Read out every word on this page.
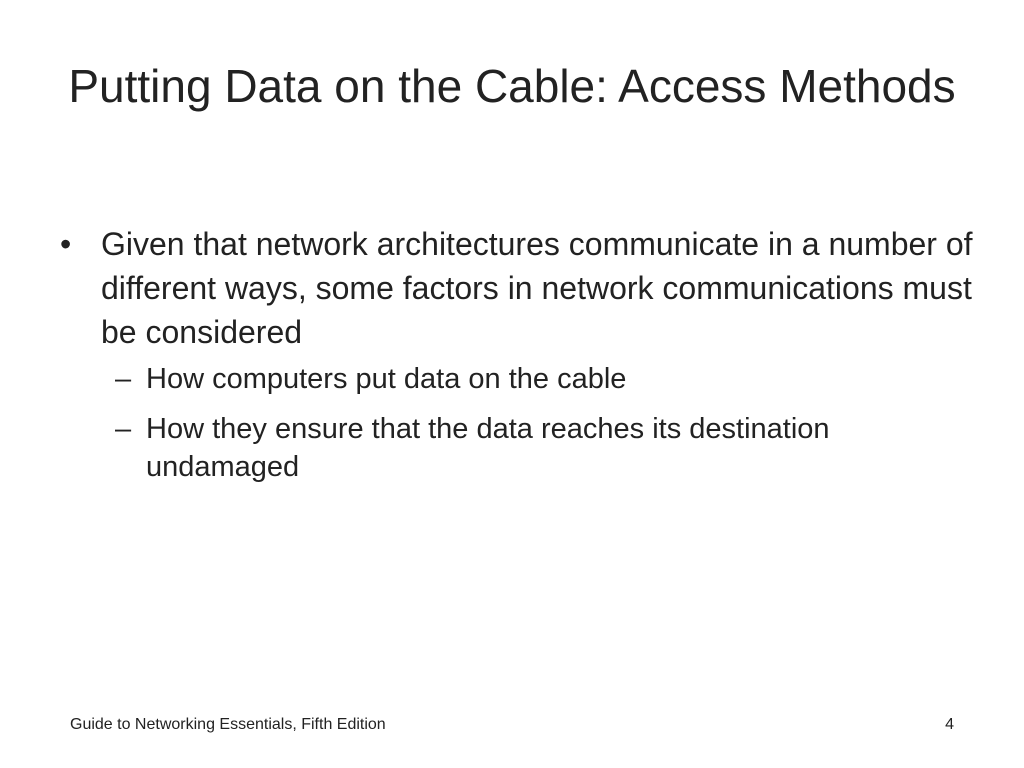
Putting Data on the Cable: Access Methods
• Given that network architectures communicate in a number of different ways, some factors in network communications must be considered
– How computers put data on the cable
– How they ensure that the data reaches its destination undamaged
Guide to Networking Essentials, Fifth Edition	4
